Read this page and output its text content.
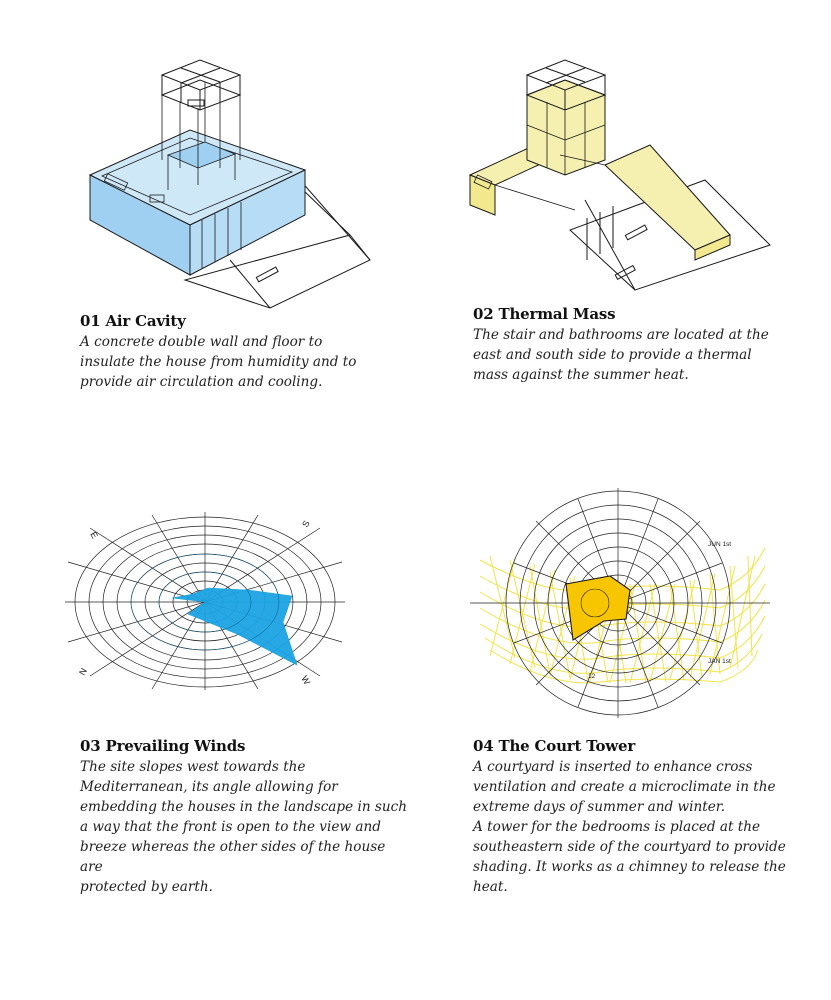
01 Air Cavity

A concrete double wall and floor to
insulate the house from humidity and to
provide air circulation and cooling.

02 Thermal Mass

The stair and bathrooms are located at the
east and south side to provide a thermal
mass against the summer heat.

E
S
N
W
03 Prevailing Winds

The site slopes west towards the
Mediterranean, its angle allowing for
embedding the houses in the landscape in such
a way that the front is open to the view and
breeze whereas the other sides of the house are
protected by earth.

JUN 1st
JAN 1st
12
04 The Court Tower

A courtyard is inserted to enhance cross
ventilation and create a microclimate in the
extreme days of summer and winter.
A tower for the bedrooms is placed at the
southeastern side of the courtyard to provide
shading. It works as a chimney to release the heat.
